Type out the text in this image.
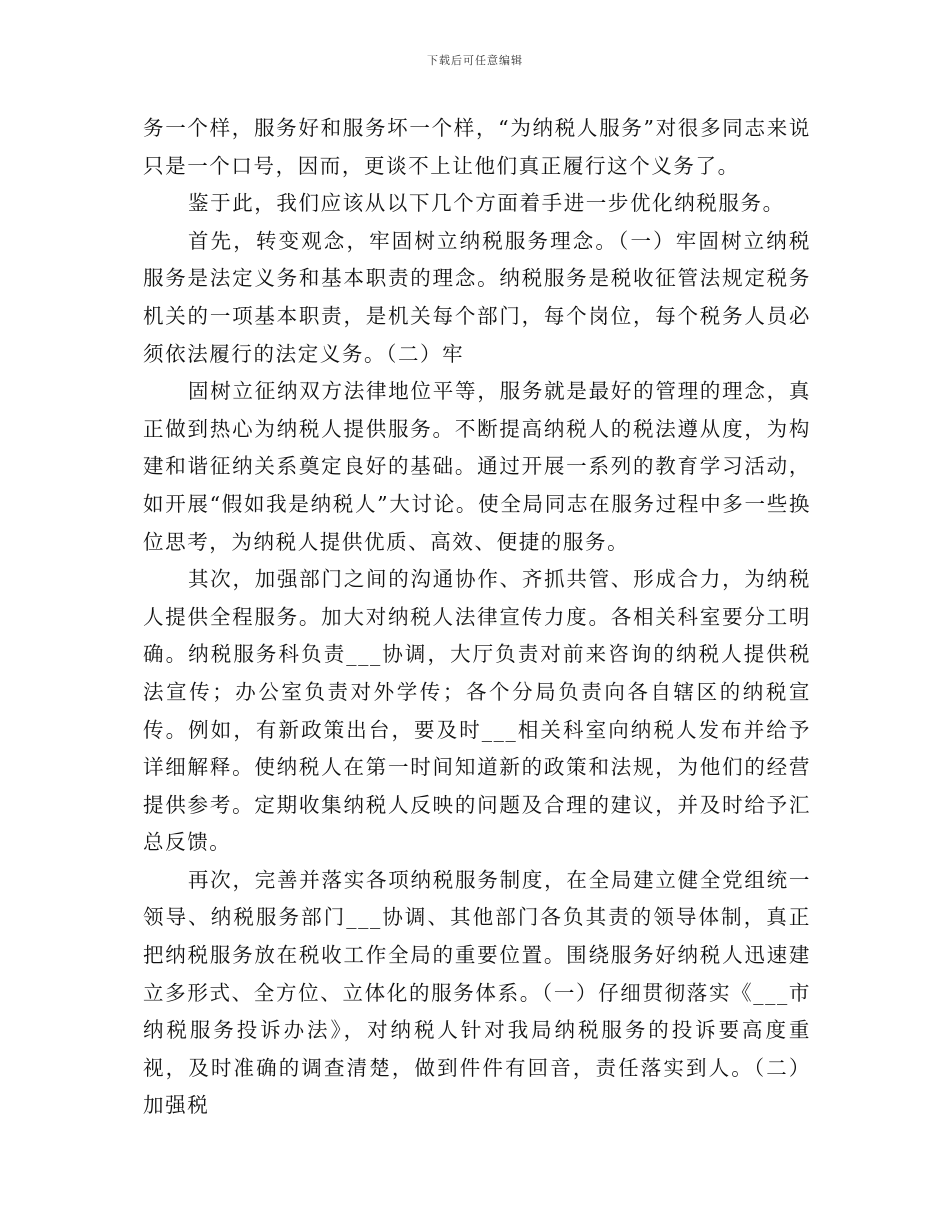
下载后可任意编辑

务一个样，服务好和服务坏一个样，“为纳税人服务”对很多同志来说只是一个口号，因而，更谈不上让他们真正履行这个义务了。

鉴于此，我们应该从以下几个方面着手进一步优化纳税服务。

首先，转变观念，牢固树立纳税服务理念。（一）牢固树立纳税服务是法定义务和基本职责的理念。纳税服务是税收征管法规定税务机关的一项基本职责，是机关每个部门，每个岗位，每个税务人员必须依法履行的法定义务。（二）牢

固树立征纳双方法律地位平等，服务就是最好的管理的理念，真正做到热心为纳税人提供服务。不断提高纳税人的税法遵从度，为构建和谐征纳关系奠定良好的基础。通过开展一系列的教育学习活动，如开展“假如我是纳税人”大讨论。使全局同志在服务过程中多一些换位思考，为纳税人提供优质、高效、便捷的服务。

其次，加强部门之间的沟通协作、齐抓共管、形成合力，为纳税人提供全程服务。加大对纳税人法律宣传力度。各相关科室要分工明确。纳税服务科负责___协调，大厅负责对前来咨询的纳税人提供税法宣传；办公室负责对外学传；各个分局负责向各自辖区的纳税宣传。例如，有新政策出台，要及时___相关科室向纳税人发布并给予详细解释。使纳税人在第一时间知道新的政策和法规，为他们的经营提供参考。定期收集纳税人反映的问题及合理的建议，并及时给予汇总反馈。

再次，完善并落实各项纳税服务制度，在全局建立健全党组统一领导、纳税服务部门___协调、其他部门各负其责的领导体制，真正把纳税服务放在税收工作全局的重要位置。围绕服务好纳税人迅速建立多形式、全方位、立体化的服务体系。（一）仔细贯彻落实《___市纳税服务投诉办法》，对纳税人针对我局纳税服务的投诉要高度重视，及时准确的调查清楚，做到件件有回音，责任落实到人。（二）加强税
